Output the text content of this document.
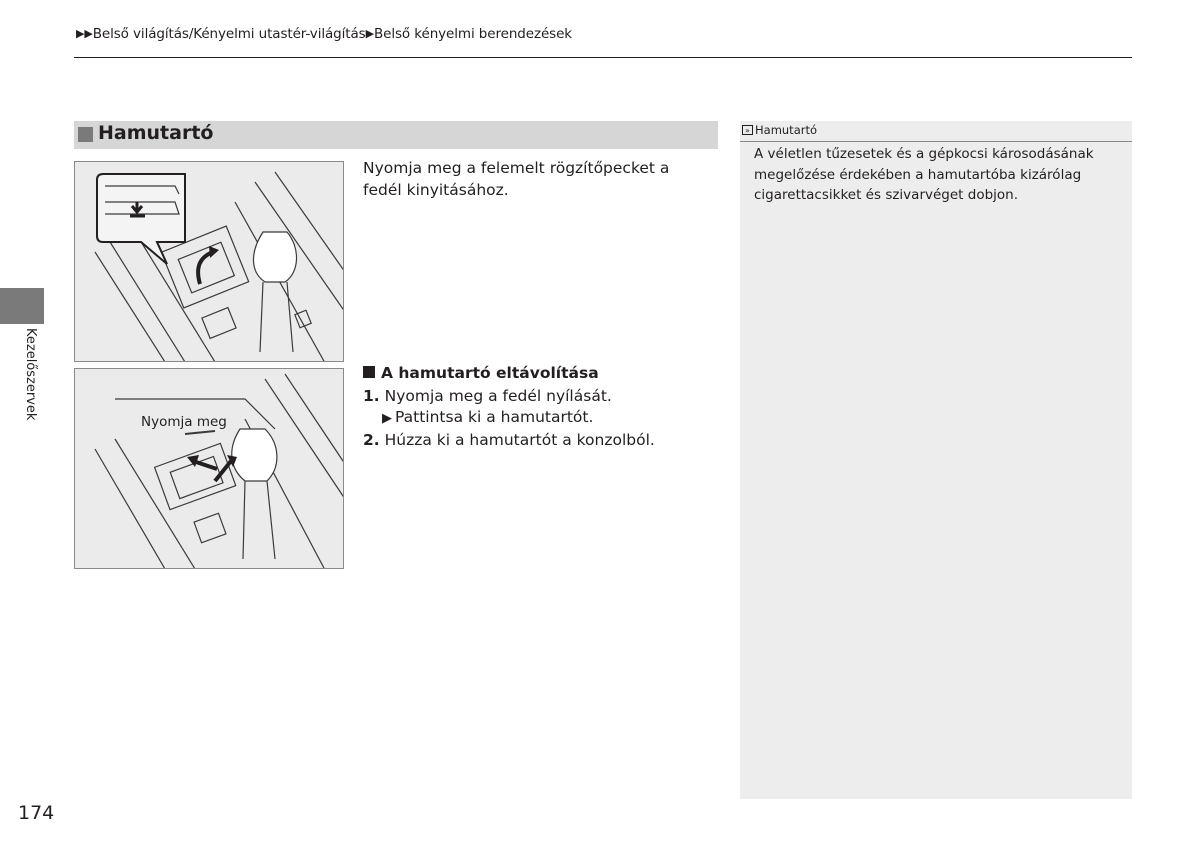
▶▶Belső világítás/Kényelmi utastér-világítás▶Belső kényelmi berendezések
Hamutartó
Nyomja meg
Nyomja meg a felemelt rögzítőpecket a fedél kinyitásához.
A hamutartó eltávolítása
1. Nyomja meg a fedél nyílását.
▶ Pattintsa ki a hamutartót.
2. Húzza ki a hamutartót a konzolból.
» Hamutartó
A véletlen tűzesetek és a gépkocsi károsodásának megelőzése érdekében a hamutartóba kizárólag cigarettacsikket és szivarvéget dobjon.
Kezelőszervek
174
